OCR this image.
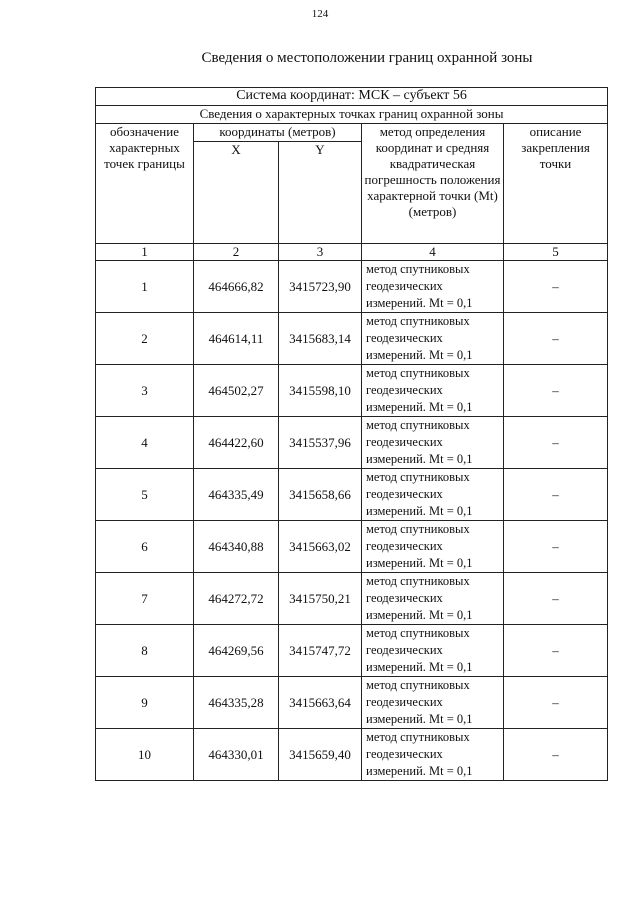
124
Сведения о местоположении границ охранной зоны
Система координат: МСК – субъект 56				
Сведения о характерных точках границ охранной зоны				
обозначение характерных точек границы	координаты (метров)		метод определения координат и средняя квадратическая погрешность положения характерной точки (Mt) (метров)	описание закрепления точки
	X	Y		
1	2	3	4	5
1	464666,82	3415723,90	метод спутниковых геодезических измерений. Mt = 0,1	–
2	464614,11	3415683,14	метод спутниковых геодезических измерений. Mt = 0,1	–
3	464502,27	3415598,10	метод спутниковых геодезических измерений. Mt = 0,1	–
4	464422,60	3415537,96	метод спутниковых геодезических измерений. Mt = 0,1	–
5	464335,49	3415658,66	метод спутниковых геодезических измерений. Mt = 0,1	–
6	464340,88	3415663,02	метод спутниковых геодезических измерений. Mt = 0,1	–
7	464272,72	3415750,21	метод спутниковых геодезических измерений. Mt = 0,1	–
8	464269,56	3415747,72	метод спутниковых геодезических измерений. Mt = 0,1	–
9	464335,28	3415663,64	метод спутниковых геодезических измерений. Mt = 0,1	–
10	464330,01	3415659,40	метод спутниковых геодезических измерений. Mt = 0,1	–
